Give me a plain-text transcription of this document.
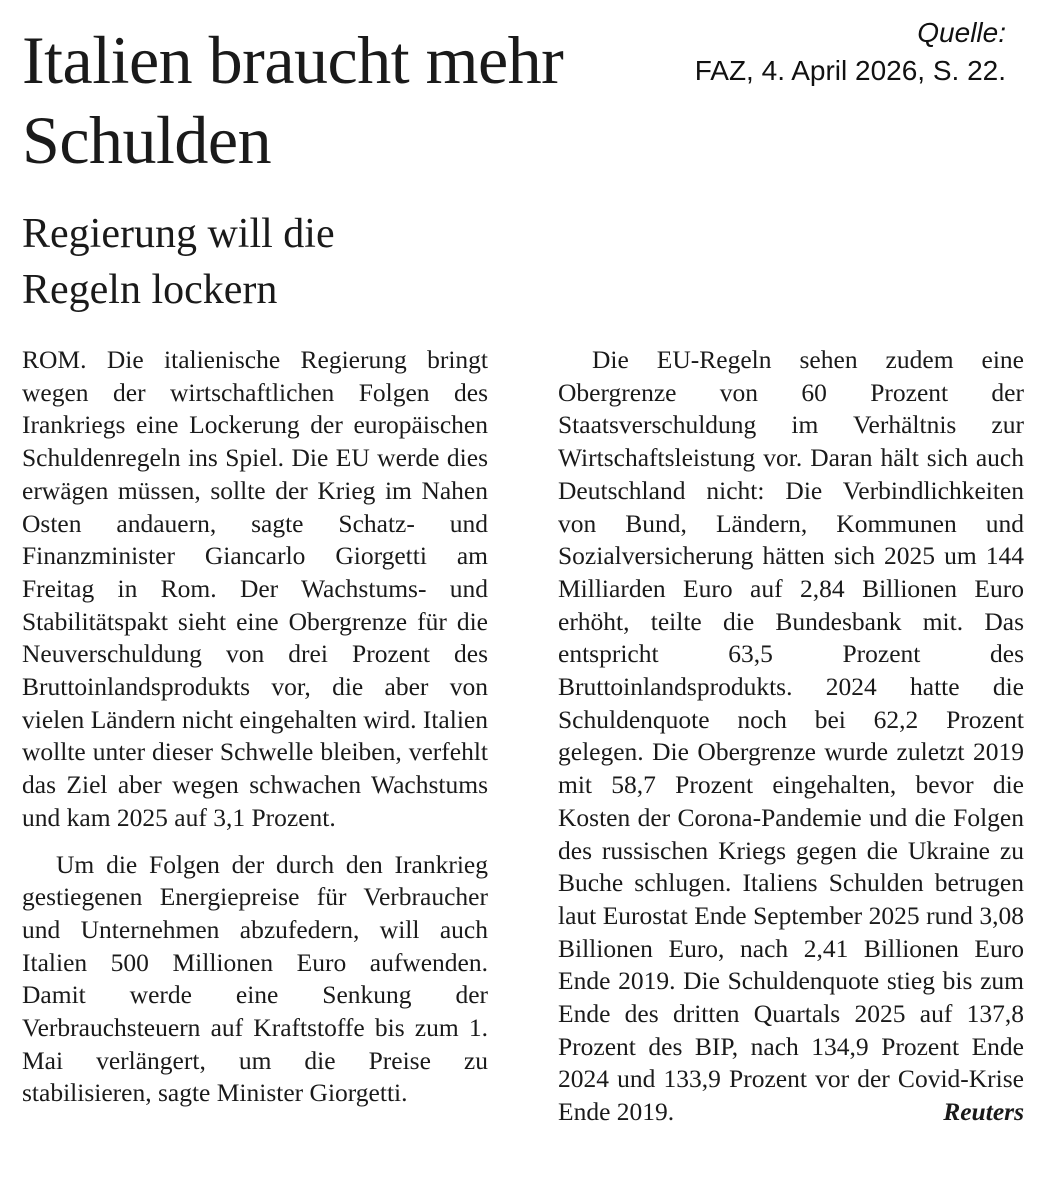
Quelle:
FAZ, 4. April 2026, S. 22.
Italien braucht mehr Schulden
Regierung will die Regeln lockern

ROM. Die italienische Regierung bringt wegen der wirtschaftlichen Folgen des Irankriegs eine Lockerung der europäischen Schuldenregeln ins Spiel. Die EU werde dies erwägen müssen, sollte der Krieg im Nahen Osten andauern, sagte Schatz- und Finanzminister Giancarlo Giorgetti am Freitag in Rom. Der Wachstums- und Stabilitätspakt sieht eine Obergrenze für die Neuverschuldung von drei Prozent des Bruttoinlandsprodukts vor, die aber von vielen Ländern nicht eingehalten wird. Italien wollte unter dieser Schwelle bleiben, verfehlt das Ziel aber wegen schwachen Wachstums und kam 2025 auf 3,1 Prozent.

Um die Folgen der durch den Irankrieg gestiegenen Energiepreise für Verbraucher und Unternehmen abzufedern, will auch Italien 500 Millionen Euro aufwenden. Damit werde eine Senkung der Verbrauchsteuern auf Kraftstoffe bis zum 1. Mai verlängert, um die Preise zu stabilisieren, sagte Minister Giorgetti.

Die EU-Regeln sehen zudem eine Obergrenze von 60 Prozent der Staatsverschuldung im Verhältnis zur Wirtschaftsleistung vor. Daran hält sich auch Deutschland nicht: Die Verbindlichkeiten von Bund, Ländern, Kommunen und Sozialversicherung hätten sich 2025 um 144 Milliarden Euro auf 2,84 Billionen Euro erhöht, teilte die Bundesbank mit. Das entspricht 63,5 Prozent des Bruttoinlandsprodukts. 2024 hatte die Schuldenquote noch bei 62,2 Prozent gelegen. Die Obergrenze wurde zuletzt 2019 mit 58,7 Prozent eingehalten, bevor die Kosten der Corona-Pandemie und die Folgen des russischen Kriegs gegen die Ukraine zu Buche schlugen. Italiens Schulden betrugen laut Eurostat Ende September 2025 rund 3,08 Billionen Euro, nach 2,41 Billionen Euro Ende 2019. Die Schuldenquote stieg bis zum Ende des dritten Quartals 2025 auf 137,8 Prozent des BIP, nach 134,9 Prozent Ende 2024 und 133,9 Prozent vor der Covid-Krise Ende 2019.	Reuters
